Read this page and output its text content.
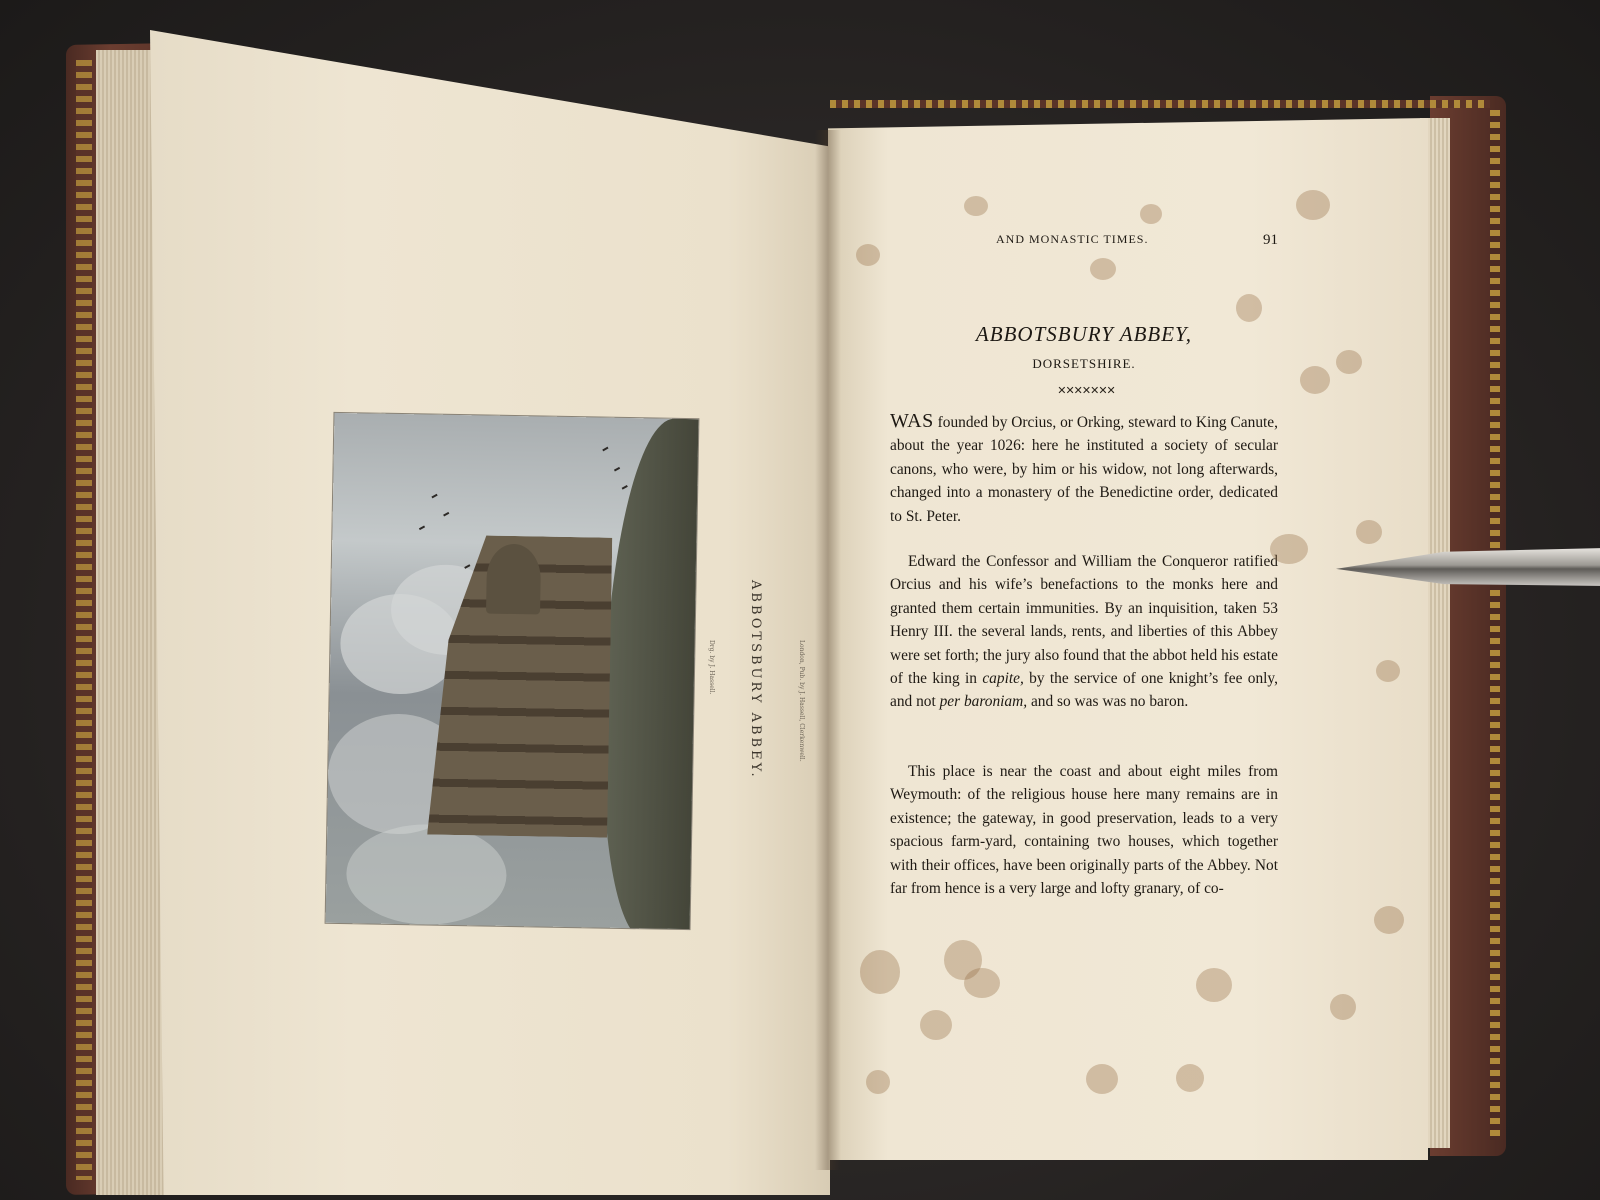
Drg. by J. Hassell.	ABBOTSBURY ABBEY.	London, Pub. by J. Hassell, Clerkenwell.
AND MONASTIC TIMES.	91
ABBOTSBURY ABBEY,
DORSETSHIRE.
✕✕✕✕✕✕✕

WAS founded by Orcius, or Orking, steward to King Canute, about the year 1026: here he instituted a society of secular canons, who were, by him or his widow, not long afterwards, changed into a monastery of the Benedictine order, dedicated to St. Peter.

Edward the Confessor and William the Conqueror ratified Orcius and his wife’s benefactions to the monks here and granted them certain immunities. By an inquisition, taken 53 Henry III. the several lands, rents, and liberties of this Abbey were set forth; the jury also found that the abbot held his estate of the king in capite, by the service of one knight’s fee only, and not per baroniam, and so was was no baron.

This place is near the coast and about eight miles from Weymouth: of the religious house here many remains are in existence; the gateway, in good preservation, leads to a very spacious farm-yard, containing two houses, which together with their offices, have been originally parts of the Abbey. Not far from hence is a very large and lofty granary, of co-
